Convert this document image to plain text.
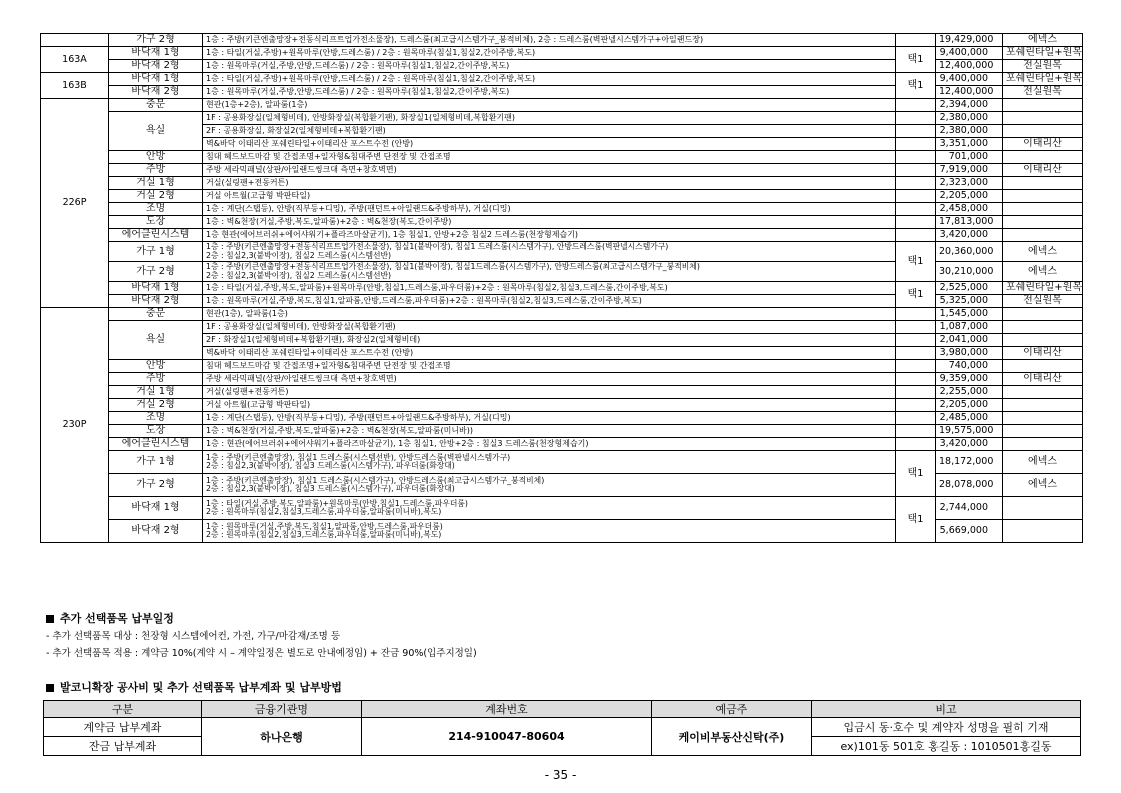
	가구 2형	1층 : 주방(키큰엔출망장+전동식리프트업가전소물장), 드레스룸(최고급시스템가구_붕적비체), 2층 : 드레스룸(벽판넬시스템가구+아일랜드장)		19,429,000	에넥스
163A	바닥재 1형	1층 : 타일(거실,주방)+원목마루(안방,드레스룸) / 2층 : 원목마루(침실1,침실2,간이주방,복도)	택1	9,400,000	포쉐린타일+원목
	바닥재 2형	1층 : 원목마루(거실,주방,안방,드레스룸) / 2층 : 원목마루(침실1,침실2,간이주방,복도)		12,400,000	전실원목
163B	바닥재 1형	1층 : 타일(거실,주방)+원목마루(안방,드레스룸) / 2층 : 원목마루(침실1,침실2,간이주방,복도)	택1	9,400,000	포쉐린타일+원목
	바닥재 2형	1층 : 원목마루(거실,주방,안방,드레스룸) / 2층 : 원목마루(침실1,침실2,간이주방,복도)		12,400,000	전실원목
226P	중문	현관(1층+2층), 알파룸(1층)		2,394,000	
	욕실	1F : 공용화장실(일체형비데), 안방화장실(복합환기팬), 화장실1(일체형비데,복합환기팬)		2,380,000	
		2F : 공용화장실, 화장실2(일체형비데+복합환기팬)		2,380,000	
		벽&바닥 이태리산 포쉐린타일+이태리산 포스트수전 (안방)		3,351,000	이태리산
	안방	침대 헤드보드마감 및 간접조명+일자형&침대주변 단전장 및 간접조명		701,000	
	주방	주방 세라믹패널(상판/아일랜드씽크대 측면+창호벽면)		7,919,000	이태리산
	거실 1형	거실(실링팬+전동커튼)		2,323,000	
	거실 2형	거실 아트월(고급형 박판타일)		2,205,000	
	조명	1층 : 계단(스탭등), 안방(직부등+디밍), 주방(팬던트+아일랜드&주방하부), 거실(디밍)		2,458,000	
	도장	1층 : 벽&천장(거실,주방,복도,알파룸)+2층 : 벽&천장(복도,간이주방)		17,813,000	
	에어클린시스템	1층 현관(에어브러쉬+에어샤워기+플라즈마살균기), 1층 침실1, 안방+2층 침실2 드레스룸(천장형제습기)		3,420,000	
	가구 1형	1층 : 주방(키큰엔출망장+전동식리프트업가전소물장), 침실1(붙박이장), 침실1 드레스룸(시스템가구), 안방드레스룸(벽판넬시스템가구)
2층 : 침실2,3(붙박이장), 침실2 드레스룸(시스템선반)	택1	20,360,000	에넥스
	가구 2형	1층 : 주방(키큰엔출망장+전동식리프트업가전소물장), 침실1(붙박이장), 침실1드레스룸(시스템가구), 안방드레스룸(최고급시스템가구_붕적비체)
2층 : 침실2,3(붙박이장), 침실2 드레스룸(시스템선반)		30,210,000	에넥스
	바닥재 1형	1층 : 타일(거실,주방,복도,알파룸)+원목마루(안방,침실1,드레스룸,파우더룸)+2층 : 원목마루(침실2,침실3,드레스룸,간이주방,복도)	택1	2,525,000	포쉐린타일+원목
	바닥재 2형	1층 : 원목마루(거실,주방,복도,침실1,알파룸,안방,드레스룸,파우더룸)+2층 : 원목마루(침실2,침실3,드레스룸,간이주방,복도)		5,325,000	전실원목
230P	중문	현관(1층), 알파룸(1층)		1,545,000	
	욕실	1F : 공용화장실(일체형비데), 안방화장실(복합환기팬)		1,087,000	
		2F : 화장실1(일체형비데+복합환기팬), 화장실2(일체형비데)		2,041,000	
		벽&바닥 이태리산 포쉐린타일+이태리산 포스트수전 (안방)		3,980,000	이태리산
	안방	침대 헤드보드마감 및 간접조명+일자형&침대주변 단전장 및 간접조명		740,000	
	주방	주방 세라믹패널(상판/아일랜드씽크대 측면+창호벽면)		9,359,000	이태리산
	거실 1형	거실(실링팬+전동커튼)		2,255,000	
	거실 2형	거실 아트월(고급형 박판타일)		2,205,000	
	조명	1층 : 계단(스탭등), 안방(직부등+디밍), 주방(팬던트+아일랜드&주방하부), 거실(디밍)		2,485,000	
	도장	1층 : 벽&천장(거실,주방,복도,알파룸)+2층 : 벽&천장(복도,알파룸(미니바))		19,575,000	
	에어클린시스템	1층 : 현관(에어브러쉬+에어샤워기+플라즈마살균기), 1층 침실1, 안방+2층 : 침실3 드레스룸(천장형제습기)		3,420,000	
	가구 1형	1층 : 주방(키큰엔출망장), 침실1 드레스룸(시스템선반), 안방드레스룸(벽판넬시스템가구)
2층 : 침실2,3(붙박이장), 침실3 드레스룸(시스템가구), 파우더룸(화장대)	택1	18,172,000	에넥스
	가구 2형	1층 : 주방(키큰엔출망장), 침실1 드레스룸(시스템가구), 안방드레스룸(최고급시스템가구_붕적비체)
2층 : 침실2,3(붙박이장), 침실3 드레스룸(시스템가구), 파우더룸(화장대)		28,078,000	에넥스
	바닥재 1형	1층 : 타일(거실,주방,복도,알파룸)+원목마루(안방,침실1,드레스룸,파우더룸)
2층 : 원목마루(침실2,침실3,드레스룸,파우더룸,알파룸(미니바),복도)	택1	2,744,000	
	바닥재 2형	1층 : 원목마루(거실,주방,복도,침실1,알파룸,안방,드레스룸,파우더룸)
2층 : 원목마루(침실2,침실3,드레스룸,파우더룸,알파룸(미니바),복도)		5,669,000	
추가 선택품목 납부일정
- 추가 선택품목 대상 : 천장형 시스템에어컨, 가전, 가구/마감재/조명 등
- 추가 선택품목 적용 : 계약금 10%(계약 시 – 계약일정은 별도로 안내예정임) + 잔금 90%(입주지정일)
발코니확장 공사비 및 추가 선택품목 납부계좌 및 납부방법
구분	금융기관명	계좌번호	예금주	비고
계약금 납부계좌	하나은행	214-910047-80604	케이비부동산신탁(주)	입금시 동·호수 및 계약자 성명을 필히 기재
잔금 납부계좌				ex)101동 501호 홍길동 : 1010501홍길동
- 35 -
